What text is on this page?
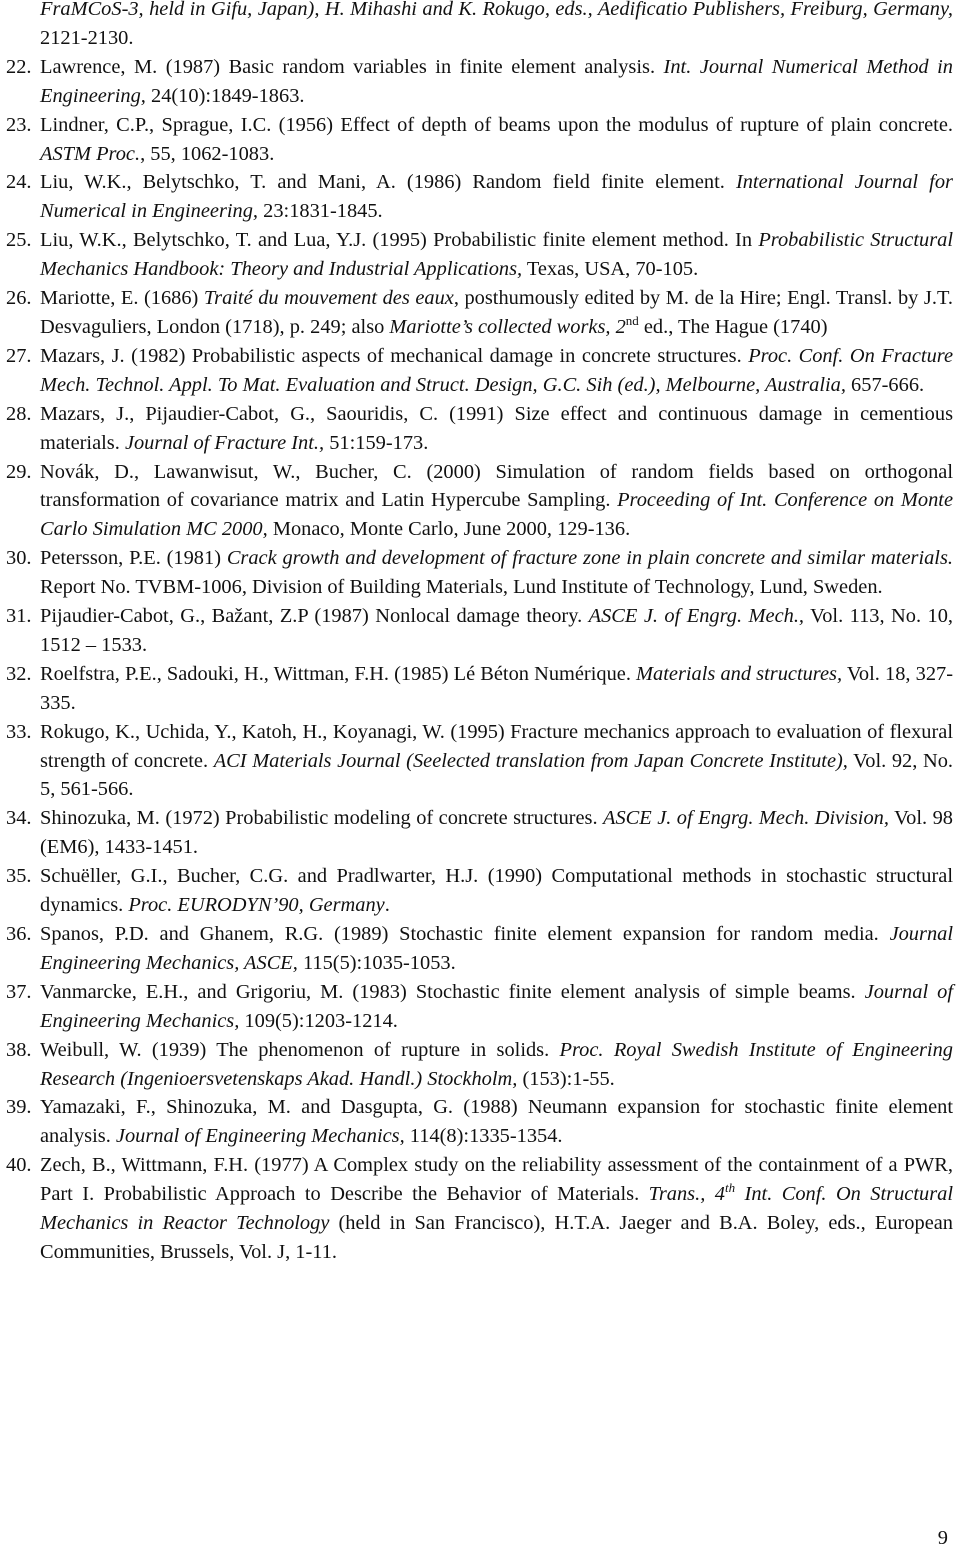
FraMCoS-3, held in Gifu, Japan), H. Mihashi and K. Rokugo, eds., Aedificatio Publishers, Freiburg, Germany, 2121-2130.

22. Lawrence, M. (1987) Basic random variables in finite element analysis. Int. Journal Numerical Method in Engineering, 24(10):1849-1863.

23. Lindner, C.P., Sprague, I.C. (1956) Effect of depth of beams upon the modulus of rupture of plain concrete. ASTM Proc., 55, 1062-1083.

24. Liu, W.K., Belytschko, T. and Mani, A. (1986) Random field finite element. International Journal for Numerical in Engineering, 23:1831-1845.

25. Liu, W.K., Belytschko, T. and Lua, Y.J. (1995) Probabilistic finite element method. In Probabilistic Structural Mechanics Handbook: Theory and Industrial Applications, Texas, USA, 70-105.

26. Mariotte, E. (1686) Traité du mouvement des eaux, posthumously edited by M. de la Hire; Engl. Transl. by J.T. Desvaguliers, London (1718), p. 249; also Mariotte’s collected works, 2nd ed., The Hague (1740)

27. Mazars, J. (1982) Probabilistic aspects of mechanical damage in concrete structures. Proc. Conf. On Fracture Mech. Technol. Appl. To Mat. Evaluation and Struct. Design, G.C. Sih (ed.), Melbourne, Australia, 657-666.

28. Mazars, J., Pijaudier-Cabot, G., Saouridis, C. (1991) Size effect and continuous damage in cementious materials. Journal of Fracture Int., 51:159-173.

29. Novák, D., Lawanwisut, W., Bucher, C. (2000) Simulation of random fields based on orthogonal transformation of covariance matrix and Latin Hypercube Sampling. Proceeding of Int. Conference on Monte Carlo Simulation MC 2000, Monaco, Monte Carlo, June 2000, 129-136.

30. Petersson, P.E. (1981) Crack growth and development of fracture zone in plain concrete and similar materials. Report No. TVBM-1006, Division of Building Materials, Lund Institute of Technology, Lund, Sweden.

31. Pijaudier-Cabot, G., Bažant, Z.P (1987) Nonlocal damage theory. ASCE J. of Engrg. Mech., Vol. 113, No. 10, 1512 – 1533.

32. Roelfstra, P.E., Sadouki, H., Wittman, F.H. (1985) Lé Béton Numérique. Materials and structures, Vol. 18, 327-335.

33. Rokugo, K., Uchida, Y., Katoh, H., Koyanagi, W. (1995) Fracture mechanics approach to evaluation of flexural strength of concrete. ACI Materials Journal (Seelected translation from Japan Concrete Institute), Vol. 92, No. 5, 561-566.

34. Shinozuka, M. (1972) Probabilistic modeling of concrete structures. ASCE J. of Engrg. Mech. Division, Vol. 98 (EM6), 1433-1451.

35. Schuëller, G.I., Bucher, C.G. and Pradlwarter, H.J. (1990) Computational methods in stochastic structural dynamics. Proc. EURODYN’90, Germany.

36. Spanos, P.D. and Ghanem, R.G. (1989) Stochastic finite element expansion for random media. Journal Engineering Mechanics, ASCE, 115(5):1035-1053.

37. Vanmarcke, E.H., and Grigoriu, M. (1983) Stochastic finite element analysis of simple beams. Journal of Engineering Mechanics, 109(5):1203-1214.

38. Weibull, W. (1939) The phenomenon of rupture in solids. Proc. Royal Swedish Institute of Engineering Research (Ingenioersvetenskaps Akad. Handl.) Stockholm, (153):1-55.

39. Yamazaki, F., Shinozuka, M. and Dasgupta, G. (1988) Neumann expansion for stochastic finite element analysis. Journal of Engineering Mechanics, 114(8):1335-1354.

40. Zech, B., Wittmann, F.H. (1977) A Complex study on the reliability assessment of the containment of a PWR, Part I. Probabilistic Approach to Describe the Behavior of Materials. Trans., 4th Int. Conf. On Structural Mechanics in Reactor Technology (held in San Francisco), H.T.A. Jaeger and B.A. Boley, eds., European Communities, Brussels, Vol. J, 1-11.

9
